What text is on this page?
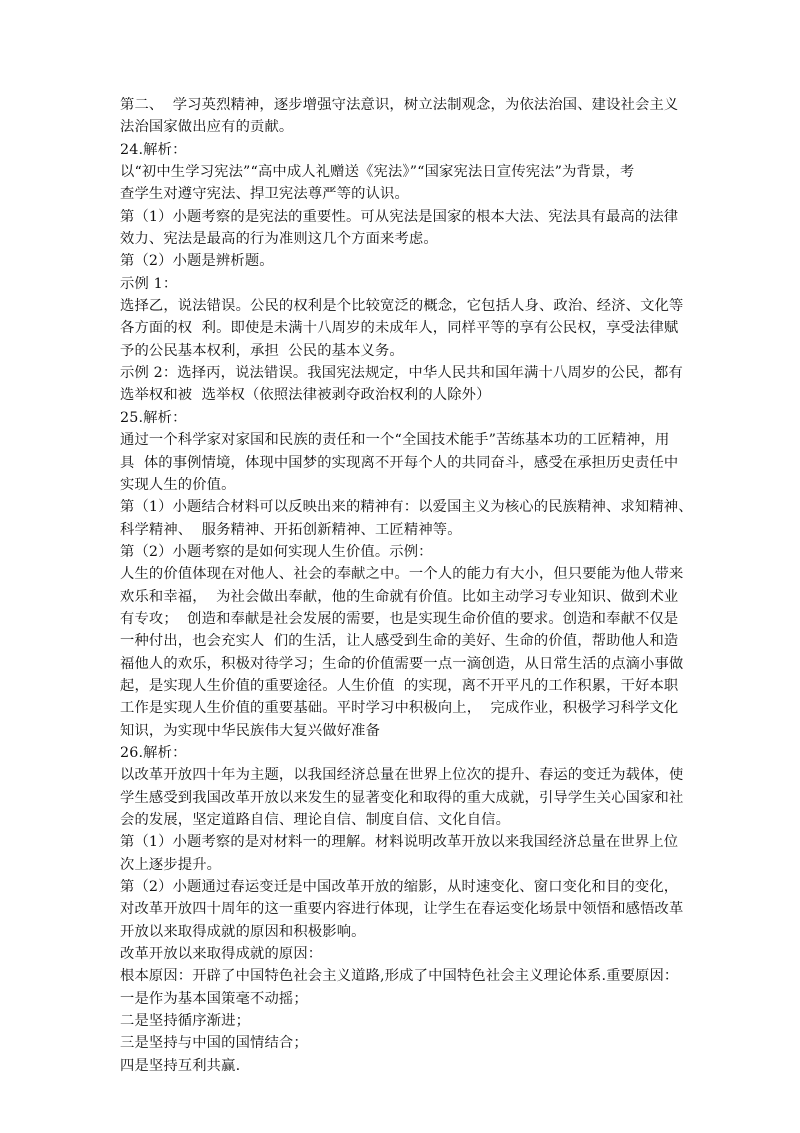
第二、  学习英烈精神，逐步增强守法意识，树立法制观念，为依法治国、建设社会主义
法治国家做出应有的贡献。
24.解析：
以“初中生学习宪法”“高中成人礼赠送《宪法》”“国家宪法日宣传宪法”为背景，考
查学生对遵守宪法、捍卫宪法尊严等的认识。
第（1）小题考察的是宪法的重要性。可从宪法是国家的根本大法、宪法具有最高的法律
效力、宪法是最高的行为准则这几个方面来考虑。
第（2）小题是辨析题。
示例 1：
选择乙，说法错误。公民的权利是个比较宽泛的概念，它包括人身、政治、经济、文化等
各方面的权  利。即使是未满十八周岁的未成年人，同样平等的享有公民权，享受法律赋
予的公民基本权利，承担  公民的基本义务。
示例 2：选择丙，说法错误。我国宪法规定，中华人民共和国年满十八周岁的公民，都有
选举权和被  选举权（依照法律被剥夺政治权利的人除外）
25.解析：
通过一个科学家对家国和民族的责任和一个“全国技术能手”苦练基本功的工匠精神，用
具  体的事例情境，体现中国梦的实现离不开每个人的共同奋斗，感受在承担历史责任中
实现人生的价值。
第（1）小题结合材料可以反映出来的精神有：以爱国主义为核心的民族精神、求知精神、
科学精神、  服务精神、开拓创新精神、工匠精神等。
第（2）小题考察的是如何实现人生价值。示例：
人生的价值体现在对他人、社会的奉献之中。一个人的能力有大小，但只要能为他人带来
欢乐和幸福，  为社会做出奉献，他的生命就有价值。比如主动学习专业知识、做到术业
有专攻；  创造和奉献是社会发展的需要，也是实现生命价值的要求。创造和奉献不仅是
一种付出，也会充实人  们的生活，让人感受到生命的美好、生命的价值，帮助他人和造
福他人的欢乐，积极对待学习；生命的价值需要一点一滴创造，从日常生活的点滴小事做
起，是实现人生价值的重要途径。人生价值  的实现，离不开平凡的工作积累，干好本职
工作是实现人生价值的重要基础。平时学习中积极向上，  完成作业，积极学习科学文化
知识，为实现中华民族伟大复兴做好准备
26.解析：
以改革开放四十年为主题，以我国经济总量在世界上位次的提升、春运的变迁为载体，使
学生感受到我国改革开放以来发生的显著变化和取得的重大成就，引导学生关心国家和社
会的发展，坚定道路自信、理论自信、制度自信、文化自信。
第（1）小题考察的是对材料一的理解。材料说明改革开放以来我国经济总量在世界上位
次上逐步提升。
第（2）小题通过春运变迁是中国改革开放的缩影，从时速变化、窗口变化和目的变化，
对改革开放四十周年的这一重要内容进行体现，让学生在春运变化场景中领悟和感悟改革
开放以来取得成就的原因和积极影响。
改革开放以来取得成就的原因：
根本原因：开辟了中国特色社会主义道路,形成了中国特色社会主义理论体系.重要原因：
一是作为基本国策毫不动摇；
二是坚持循序渐进；
三是坚持与中国的国情结合；
四是坚持互利共赢.
